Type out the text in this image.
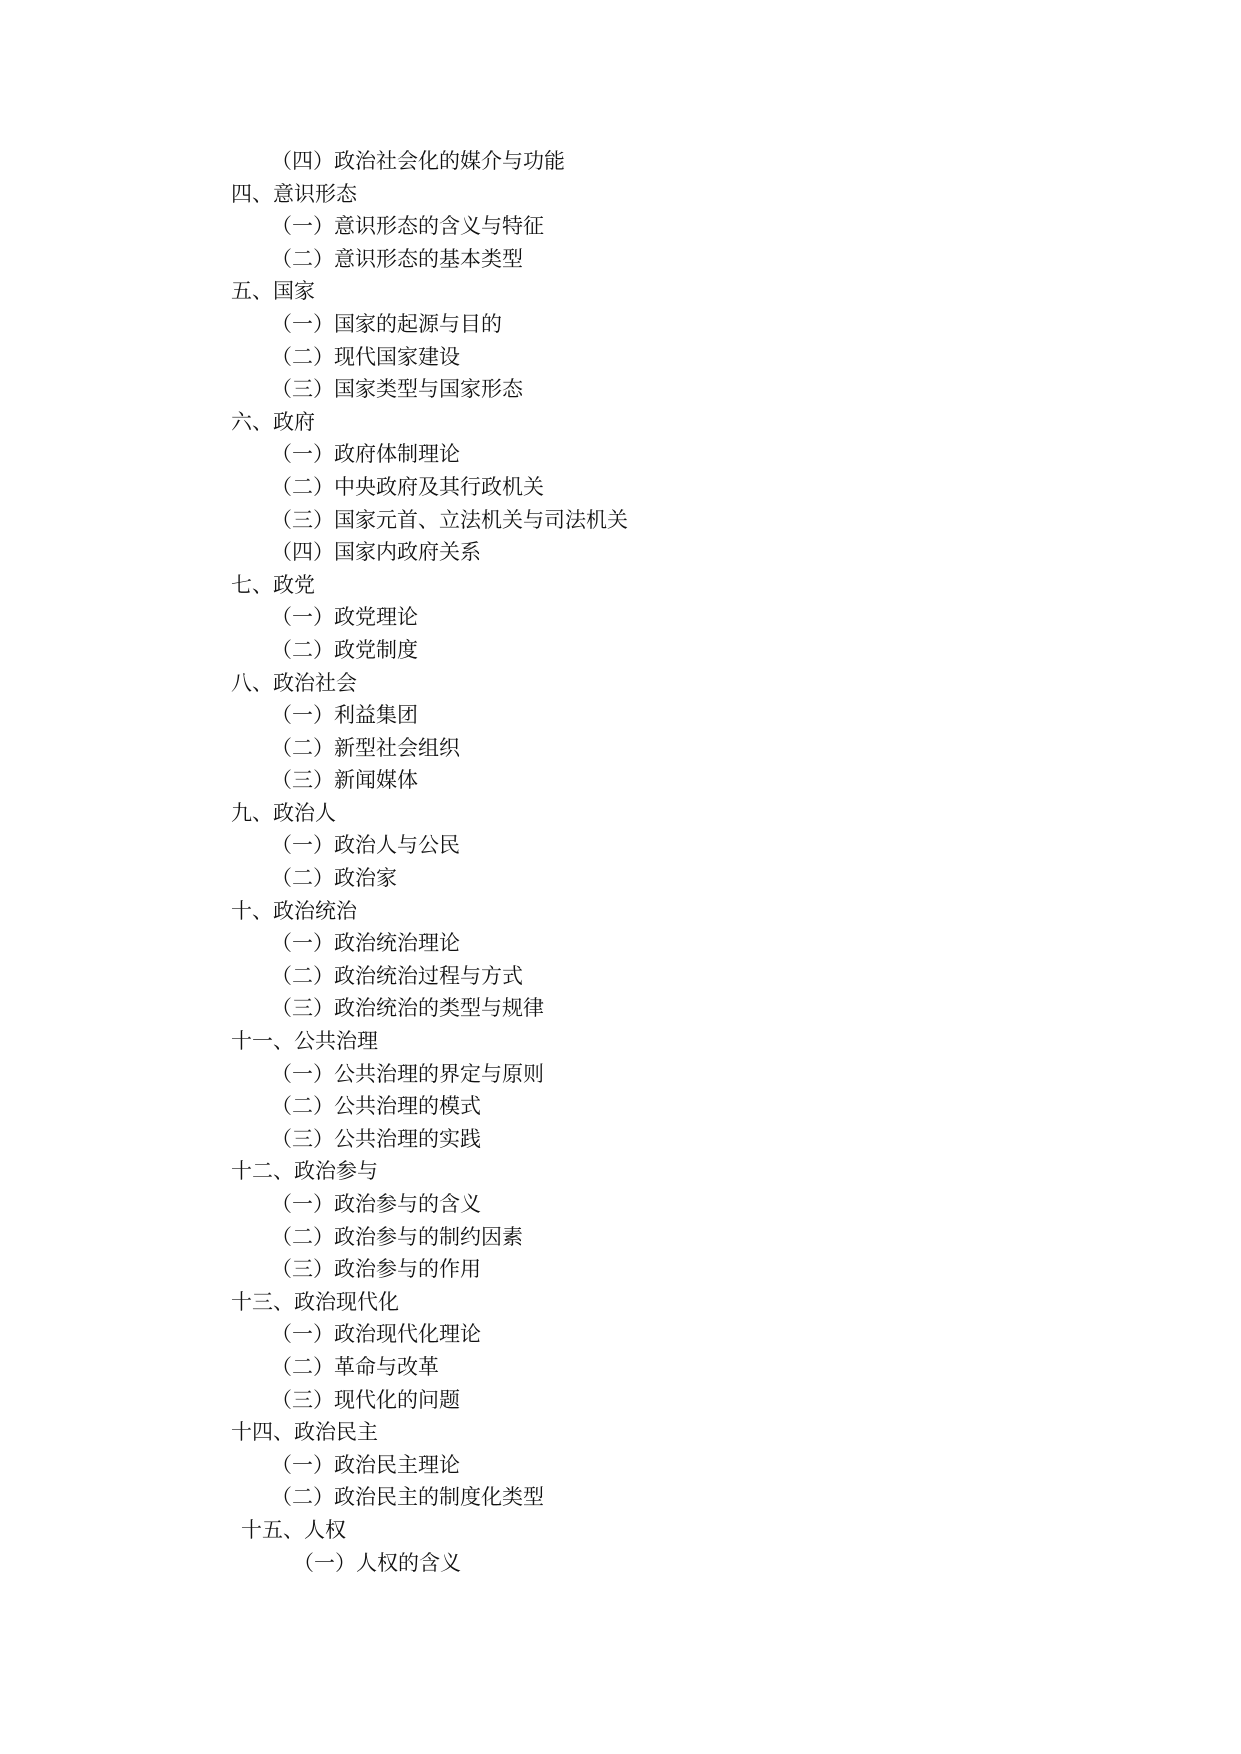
（四）政治社会化的媒介与功能
四、意识形态
（一）意识形态的含义与特征
（二）意识形态的基本类型
五、国家
（一）国家的起源与目的
（二）现代国家建设
（三）国家类型与国家形态
六、政府
（一）政府体制理论
（二）中央政府及其行政机关
（三）国家元首、立法机关与司法机关
（四）国家内政府关系
七、政党
（一）政党理论
（二）政党制度
八、政治社会
（一）利益集团
（二）新型社会组织
（三）新闻媒体
九、政治人
（一）政治人与公民
（二）政治家
十、政治统治
（一）政治统治理论
（二）政治统治过程与方式
（三）政治统治的类型与规律
十一、公共治理
（一）公共治理的界定与原则
（二）公共治理的模式
（三）公共治理的实践
十二、政治参与
（一）政治参与的含义
（二）政治参与的制约因素
（三）政治参与的作用
十三、政治现代化
（一）政治现代化理论
（二）革命与改革
（三）现代化的问题
十四、政治民主
（一）政治民主理论
（二）政治民主的制度化类型
十五、人权
（一）人权的含义
